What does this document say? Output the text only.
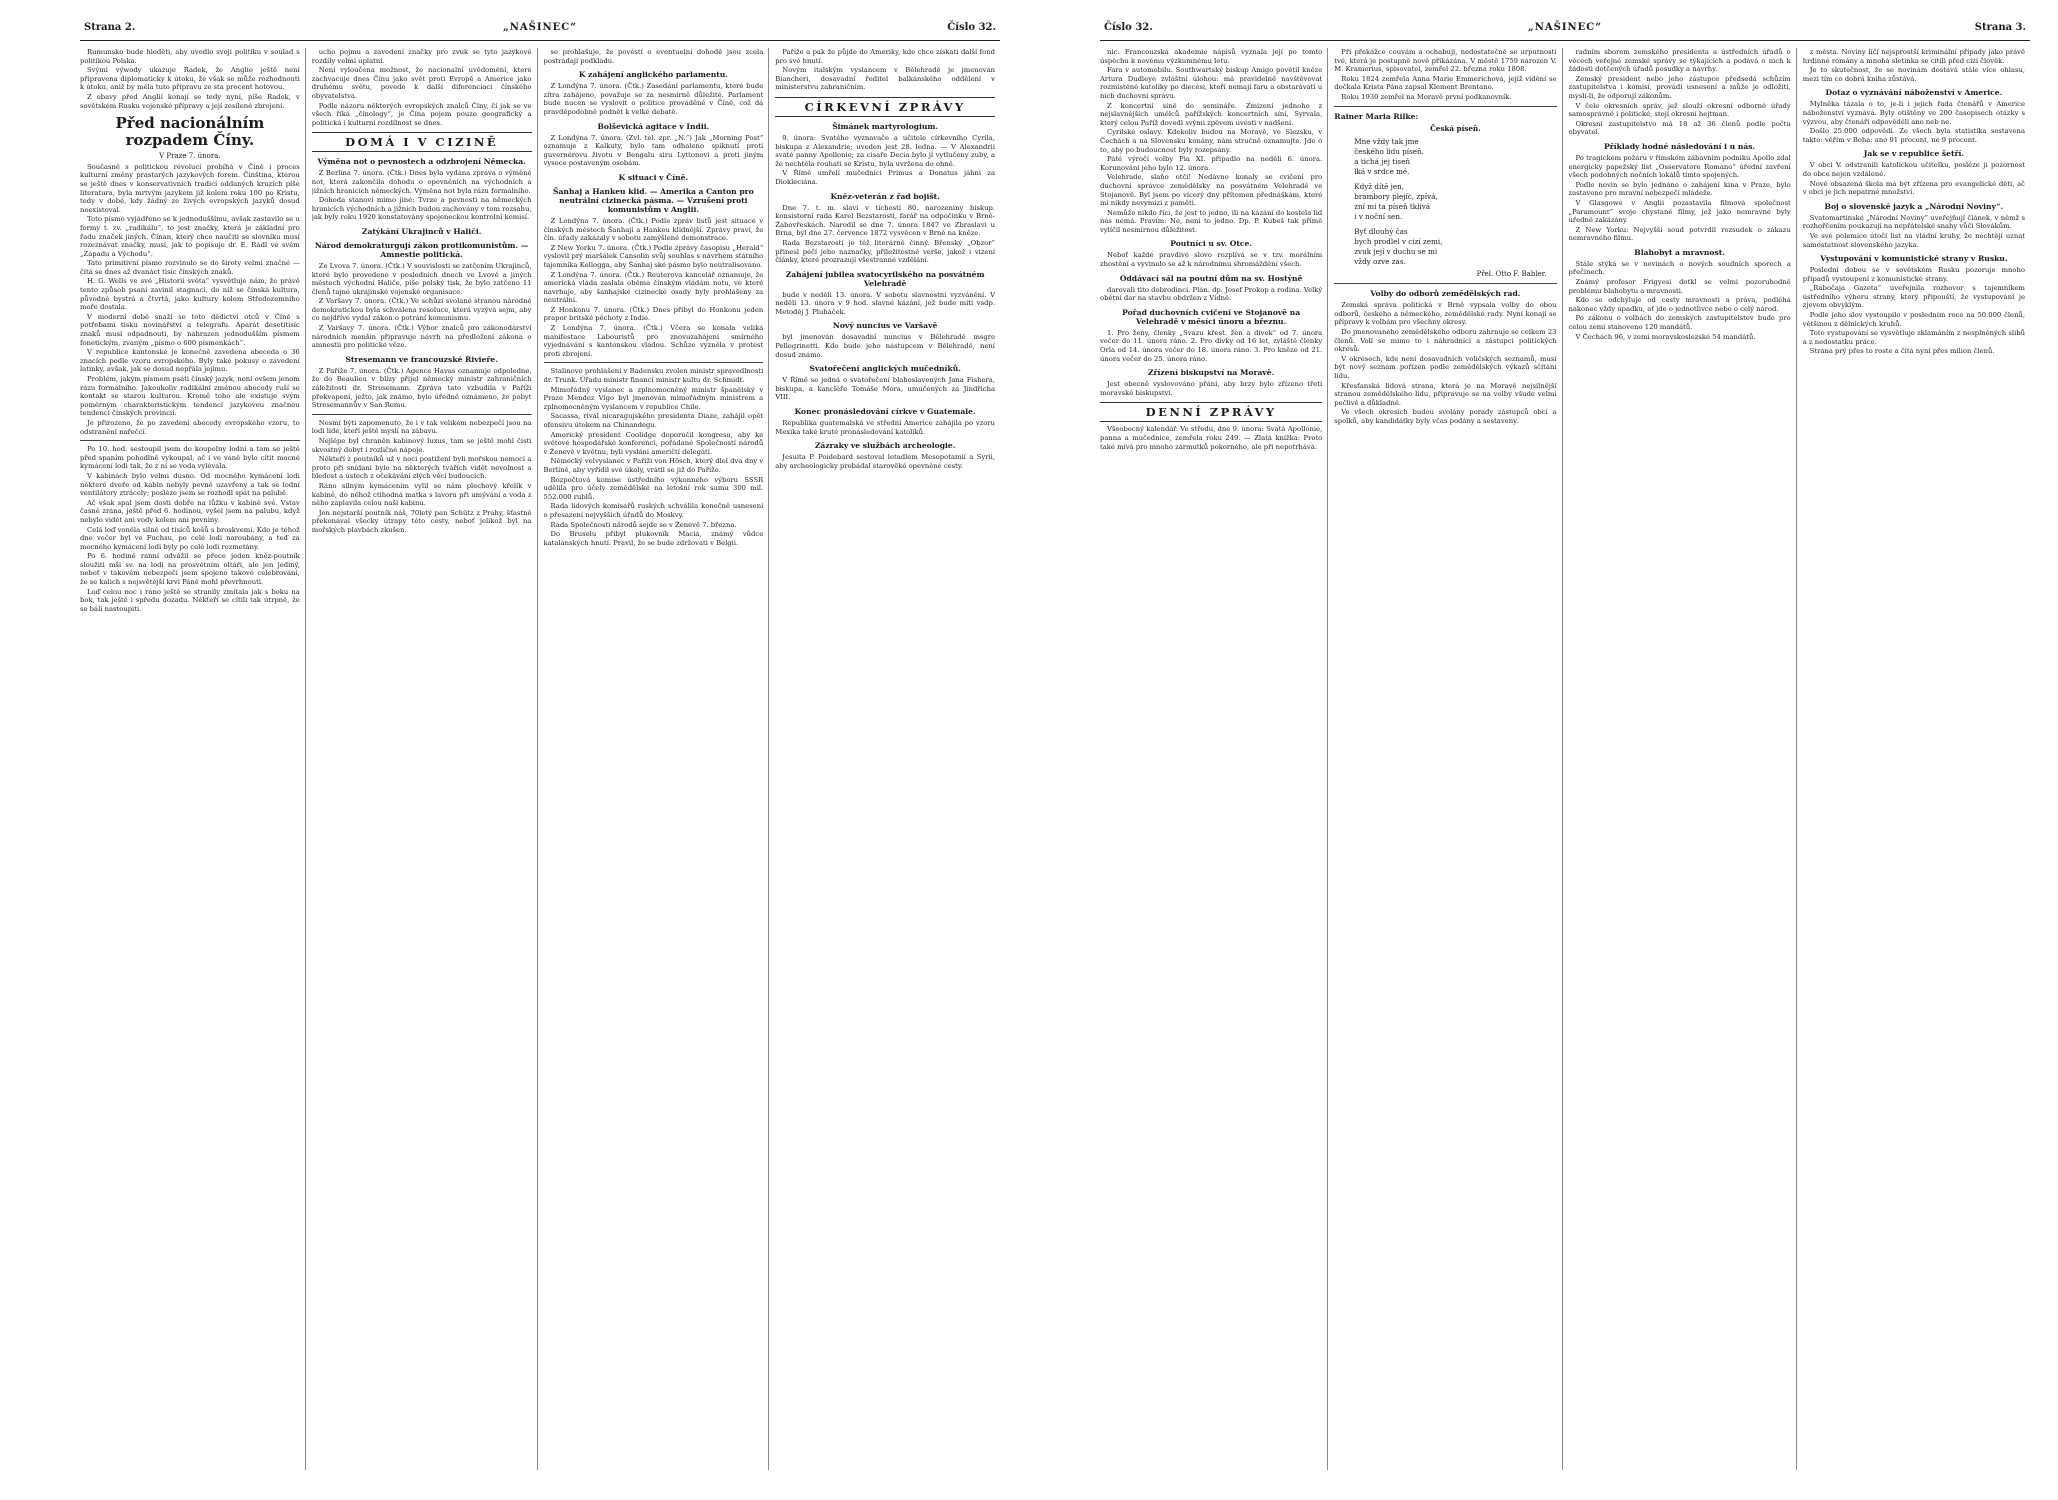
Strana 2.	„NAŠINEC“	Číslo 32.

Rumunsko bude hleděti, aby uvedlo svoji politiku v soulad s politikou Polska.

Svými výwody ukazuje Radek, že Anglie ještě není připravena diplomaticky k útoku, že však se může rozhodnouti k útoku, aniž by měla tuto přípravu ze sta procent hotovou.

Z obavy před Anglií konají se tedy nyní, píše Radek, v sovětském Rusku vojenské přípravy a její zesílené zbrojení.

Před nacionálním rozpadem Číny.
V Praze 7. února.

Současně s politickou revolucí probíhá v Číně i proces kulturní změny prastarých jazykových forem. Čínština, kterou se ještě dnes v konservativních tradicí oddaných kruzích píše literatura, byla mrtvým jazykem již kolem roku 100 po Kristu, tedy v době, kdy žádný ze živých evropských jazyků dosud neexistoval.

Toto písmo vyjádřeno se k jednoduššímu, avšak zastavilo se u formy t. zv. „radikálu“, to jest značky, která je základní pro řadu značek jiných. Čínan, který chce naučiti se slovníku musí rozeznávat značky, musí, jak to popisuje dr. E. Rádl ve svém „Západu a Východu“.

Tato primitivní písmo rozvinulo se do široty velmi značné — čítá se dnes až dvanáct tisíc čínských znaků.

H. G. Wells ve své „Historii světa“ vysvětluje nám, že právě tento způsob psaní zavinil stagnaci, do níž se čínská kultura, původně bystrá a čtvrtá, jako kultury kolem Středozemního moře dostala.

V moderní době snaží se toto dědictví otců v Číně s potřebami tisku novinářství a telegrafu. Aparát desetitisíc znaků musí odpadnouti, by nahrazen jednodušším písmem fonetickým, zvaným „písmo o 600 písmenkách“.

V republice kantonské je konečně zavedena abeceda o 36 znacích podle vzoru evropského. Byly také pokusy o zavedení latinky, avšak, jak se dosud nepřála jejímu.

Problém, jakým písmem psáti čínský jazyk, není ovšem jenom rázu formálního. Jakoukoliv radikální změnou abecedy ruší se kontakt se starou kulturou. Kromě toho ale existuje svým poměrným charakteristickým tendencí jazykovou značnou tendenci čínských provincií.

Je přirozeno, že po zavedení abecedy evropského vzoru, to odstranění nařečcí.

Po 10. hod. sestoupil jsem do koupelny lodní a tam se ještě před spaním pohodlně vykoupal, ač i ve vaně bylo cítit mocné kymácení lodi tak, že z ní se voda vylévala.

V kabinách bylo velmi dusno. Od mocného kymácení lodi některé dveře od kabin nebyly pevně uzavřeny a tak se lodní ventilátory ztrácely; posléze jsem se rozhodl spát na palubě.

Ač však spal jsem dosti dobře na lůžku v kabině své. Vstav časně zrána, ještě před 6. hodinou, vyšel jsem na palubu, když nebylo vidět ani vody kolem ani pevniny.

Celá loď voněla silně od tisíců košů s broskvemi. Kdo je téhož dne večer byl ve Fuchsu, po celé lodi naroubány, a teď za mocného kymácení lodi byly po celé lodi rozmetány.

Po 6. hodině ranní odvážil se přece jeden kněz-poutník sloužiti mši sv. na lodi na prosvětním oltáři, ale jen jediný, neboť v takovém nebezpečí jsem spojeno takové celebrování, že se kalich s nejsvětější krví Páně mohl převrhnouti.

Loď celou noc i ráno ještě se stranily zmítala jak s boku na bok, tak ještě i spředu dozadu. Někteří se cítili tak útrpně, že se báli nastoupiti.

ucho pojmu a zavedení značky pro zvuk se tyto jazykové rozdíly velmi uplatní.

Není vyloučena možnost, že nacionalní uvědomění, které zachvacuje dnes Čínu jako svět proti Evropě a Americe jako druhému světu, povede k další diferenciaci čínského obyvatelstva.

Podle názoru některých evropských znalců Číny, čí jak se ve všech říká „čínology“, je Čína pojem pouze geografický a politická i kulturní rozdílnost se dnes.

DOMÁ I V CIZINĚ
Výměna not o pevnostech a odzbrojení Německa.

Z Berlína 7. února. (Čtk.) Dnes byla vydána zpráva o výměně not, která zakončila dohodu o opevněních na východních a jižních hranicích německých. Výměna not byla rázu formálního.

Dohoda stanoví mimo jiné: Tvrze a pevnosti na německých hranicích východních a jižních budou zachovány v tom rozsahu, jak byly roku 1920 konstatovány spojeneckou kontrolní komisí.

Zatýkání Ukrajinců v Haliči.
Národ demokraturgují zákon protikomunistům. — Amnestie politická.

Ze Lvova 7. února. (Čtk.) V souvislosti se zatčením Ukrajinců, které bylo provedeno v posledních dnech ve Lvově a jiných městech východní Haliče, píše polský tisk, že bylo zatčeno 11 členů tajné ukrajinské vojenské organisace.

Z Varšavy 7. února. (Čtk.) Ve schůzi svolané stranou národně demokratickou byla schválena resoluce, která vyzývá sejm, aby co nejdříve vydal zákon o potrání komunismu.

Z Varšavy 7. února. (Čtk.) Výbor znalců pro zákonodárství národních menšin připravuje návrh na předložení zákona o amnestii pro politické věze.

Stresemann ve francouzské Rivieře.

Z Paříže 7. února. (Čtk.) Agence Havas oznamuje odpoledne, že do Beaulieu v blízy přijel německý ministr zahraničních záležitostí dr. Stresemann. Zpráva tato vzbudila v Paříži překvapení, ježto, jak známo, bylo úředně oznámeno, že pobyt Stresemannův v San Remu.

Nesmí býti zapomenuto, že i v tak velikém nebezpečí jsou na lodi lidé, kteří ještě myslí na zábavu.

Nejlépe byl chraněn kabinový luxus, tam se ještě mohl čísti skvostný dobyt i rozličné nápoje.

Někteří z poutníků už v noci postižení byli mořskou nemocí a proto při snídani bylo na některých tvářích vidět nevolnost a bledost a ústech z očekávání zlých věcí budoucích.

Ráno silným kymácením vylil se nám plechový křelík v kabině, do něhož ctihodná matka s lavoru při umývání a voda z něho zaplavila celou naši kabinu.

Jen nejstarší poutník náš, 70letý pan Schütz z Prahy, šťastně překonával všecky útrapy této cesty, neboť jelikož byl na mořských plavbách zkušen.

se prohlašuje, že povéstí o eventuelní dohodě jsou zcela postrádají podkladu.

K zahájení anglického parlamentu.

Z Londýna 7. února. (Čtk.) Zasedání parlamentu, které bude zítra zahájeno, považuje se za nesmírně důležité. Parlament bude nucen se vyslovit o politice prováděné v Číně, což dá pravděpodobně podnět k velké debatě.

Bolševická agitace v Indii.

Z Londýna 7. února. (Zvl. tel. zpr. „N.“) Jak „Morning Post“ oznamuje z Kalkuty, bylo tam odhaleno spiknutí proti guvernérovu životu v Bengalu siru Lyttonovi a proti jiným vysoce postaveným osobám.

K situaci v Číně.
Šanhaj a Hankeu klid. — Amerika a Canton pro neutrální cizinecká pásma. — Vzrušení proti komunistům v Anglii.

Z Londýna 7. února. (Čtk.) Podle zpráv listů jest situace v čínských městech Šanhaji a Hankeu klidnější. Zprávy praví, že čín. úřady zakázaly v sobotu zamýšlené demonstrace.

Z New Yorku 7. února. (Čtk.) Podle zprávy časopisu „Herald“ vyslovil prý maršálek Cansolin svůj souhlas s návrhem státního tajemníka Kellogga, aby Šanhaj ské pásmo bylo neutralisováno.

Z Londýna 7. února. (Čtk.) Reuterova kancelář oznamuje, že americká vláda zaslala oběma čínským vládám notu, ve které navrhuje, aby šanhajské cizinecké osady byly prohlášeny za neutrální.

Z Honkonu 7. února. (Čtk.) Dnes přibyl do Honkonu jeden prapor britské pěchoty z Indie.

Z Londýna 7. února. (Čtk.) Včera se konala veliká manifestace Labouristů pro znovuzahájení smírného vyjednávání s kantonskou vládou. Schůze vyzněla v protest proti zbrojení.

Stalinovo prohlášení v Badensku zvolen ministr spravedlnosti dr. Trunk. Úřadu ministr financí ministr kultu dr. Schmidt.

Mimořádný vyslanec a zplnomocněný ministr španělský v Praze Mendez Vigo byl jmenován mimořádným ministrem a zplnomocněným vyslancem v republice Chile.

Sacassa, rivál nicaragujského presidenta Diaze, zahájil opět ofensivu útokem na Chinandegu.

Americký president Coolidge doporučil kongresu, aby ke světové hospodářské konferenci, pořádané Společností národů v Ženevě v květnu, byli vysláni američtí delegáti.

Německý velvyslanec v Paříži von Hösch, který dlel dva dny v Berlíně, aby vyřídil své úkoly, vrátil se již do Paříže.

Rozpočtová komise ústředního výkonného výboru SSSR udělila pro účely zemědělské na letošní rok sumu 300 mil. 552.000 rublů.

Rada lidových komisařů ruských schválila konečně usnesení o přesazení nejvyšších úřadů do Moskvy.

Rada Společnosti národů sejde se v Ženevě 7. března.

Do Bruselu přibyl plukovník Maciá, známý vůdce katalánských hnutí. Pravil, že se bude zdržovati v Belgii.

Paříže a pak že půjde do Ameriky, kde chce získati další fond pro své hnutí.

Novým italským vyslancem v Bělehradě je jmenován Biancheri, dosavadní ředitel balkánského oddělení v ministerstvu zahraničním.

CÍRKEVNÍ ZPRÁVY
Šimánek martyrologium.

9. února: Svatého vyznavače a učitele církevního Cyrila, biskupa z Alexandrie; uveden jest 28. ledna. — V Alexandrii svaté panny Apollonie; za císaře Decia bylo jí vytlučeny zuby, a že nechtěla rouhati se Kristu, byla uvržena do ohně.

V Římě umřelí mučedníci Primus a Donatus jáhni za Diokleciána.

Kněz-veterán z řad bojišt.

Dne 7. t. m. slaví v tichosti 80. narozeniny biskup. konsistorní rada Karel Bezstarosti, farář na odpočinku v Brně-Žabovřeskách. Narodil se dne 7. února 1847 ve Zbraslavi u Brna, byl dne 27. července 1872 vysvěcen v Brně na kněze.

Rada Bezstarostí je též literárně činný. Břenský „Obzor“ přinesl péčí jeho naznačky, příležitostné verše, jakož i vizení články, které prozrazují všestranné vzdělání.

Zahájení jubilea svatocyrilského na posvátném Velehradě

bude v neděli 13. února. V sobotu slavnostní vyzvánění. V neděli 13. února v 9 hod. slavné kázání, jež bude míti vsdp. Metoděj J. Pluháček.

Nový nuncius ve Varšavě

byl jmenován dosavadní nuncius v Bělehradě msgre Pellegrinetti. Kdo bude jeho nástupcem v Bělehradě, není dosud známo.

Svatořečení anglických mučedníků.

V Římě se jedná o svatořečení blahoslavených Jana Fishera, biskupa, a kancléře Tomáše Mora, umučených za Jindřicha VIII.

Konec pronásledování církve v Guatemale.

Republika guatemalská ve střední Americe zahájila po vzoru Mexika také kruté pronásledování katolíků.

Zázraky ve službách archeologie.

Jesuita P. Poidebard sestoval letadlem Mesopotamií a Syrii, aby archeologicky probádal starověké opevněné cesty.

Číslo 32.	„NAŠINEC“	Strana 3.

nic. Francouzská akademie nápisů vyznala její po tomto úspěchu k novému výzkumnému letu.

Fara v automobilu. Southwartský biskup Amigo povětil kněze Artura Dudleye zvláštní úlohou: má pravidelně navštěvovat rozmístěné katolíky po diecési, kteří nemají faru a obstarávati u nich duchovní správu.

Z koncertní síně do semináře. Zmizení jednoho z nejslavnějších umělců pařížských koncertních síní, Syrvala, který celou Paříž dovedl svými zpěvem uvésti v nadšení.

Cyrilské oslavy. Kdekoliv budou na Moravě, ve Slezsku, v Čechách a na Slovensku konány, nám stručně oznamujte. Jde o to, aby po budoucnost byly rozepsány.

Páté výročí volby Pia XI. připadlo na neděli 6. února. Korunování jeho bylo 12. února.

Velehrade, slaňo otčí! Nedávno konaly se cvičení pro duchovní správce zemědělsky na posvátném Velehradě ve Stojanově. Byl jsem po vícerý dny přítomen přednáškám, které mi nikdy nevymizí z paměti.

Nemůže nikdo říci, že jest to jedno, ili na kázání do kostela lid nás nemá. Pravím: Ne, není to jedno. Dp. P. Kubeš tak přímě vylíčil nesmírnou důležitost.

Poutníci u sv. Otce.

Neboť každé pravdivé slovo rozplívá se v tzv. morálním zhostění a vyvinulo se až k národnímu shromáždění všech.

Oddávací sál na poutní dům na sv. Hostýně

darovali tito dobrodinci. Plán. dp. Josef Prokop a rodina. Velký obětní dar na stavbu obdržen z Vídně.

Pořad duchovních cvičení ve Stojanově na Velehradě v měsíci únoru a březnu.

1. Pro ženy, členky „Svazu křest. žen a dívek“ od 7. února večer do 11. února ráno. 2. Pro dívky od 16 let, zvláště členky Orla od 14. února večer do 18. února ráno. 3. Pro kněze od 21. února večer do 25. února ráno.

Zřízení biskupství na Moravě.

Jest obecně vyslovováno přání, aby brzy bylo zřízeno třetí moravské biskupství.

DENNÍ ZPRÁVY

Všeobecný kalendář. Ve středu, dne 9. února: Svatá Apollonie, panna a mučednice, zemřela roku 249. — Zlatá knížka: Proto také mívá pro mnoho zármutků pokorného, ale při nepotrhává.

Při překážce couvám a ochabuji, nedostatečně se urputnosti tvé, která je postupně nově přikázána. V městě 1759 narozen V. M. Kramerius, spisovatel, zemřel 22. března roku 1808.

Roku 1824 zemřela Anna Marie Emmerichová, jejíž vidění se dočkala Krista Pána zapsal Klement Brentano.

Roku 1930 zemřel na Moravě první podkanovník.

Rainer Maria Rilke:
Česká píseň.
Mne vždy tak jme
českého lidu píseň,
a tichá jej tíseň
lká v srdce mé.
Když dítě jen,
brambory plejíc, zpívá,
zní mi ta píseň tklivá
i v noční sen.
Byť dlouhý čas
bych prodlel v cizí zemi,
zvuk její v duchu se mi
vždy ozve zas.
Přel. Otto F. Babler.
Volby do odborů zemědělských rad.

Zemská správa politická v Brně vypsala volby do obou odborů, českého a německého, zemědělské rady. Nyní konají se přípravy k volbám pro všechny okresy.

Do jmenovaného zemědělského odboru zahrnuje se celkem 23 členů. Volí se mimo to i náhradníci a zástupci politických okresů.

V okresech, kde není dosavadních voličských seznamů, musí být nový seznam pořízen podle zemědělských výkazů sčítání lidu.

Křesťanská lidová strana, která je na Moravě nejsilnější stranou zemědělského lidu, připravuje se na volby všude velmi pečlivě a důkladně.

Ve všech okresích budou svolány porady zástupců obcí a spolků, aby kandidátky byly včas podány a sestaveny.

radním sborem zemského presidenta a ústředních úřadů o věcech veřejné zemské správy se týkajících a podává o nich k žádosti dotčených úřadů posudky a návrhy.

Zemský president nebo jeho zástupce předsedá schůzím zastupitelstva i komisí, provádí usnesení a může je odložiti, myslí-li, že odporují zákonům.

V čele okresních správ, jež slouží okresní odborné úřady samosprávné i politické, stojí okresní hejtman.

Okresní zastupitelstvo má 18 až 36 členů podle počtu obyvatel.

Příklady hodné následování i u nás.

Po tragickém požáru v římském zábavním podniku Apollo zdal energicky papežský list „Osservatore Romano“ úřední zavření všech podobných nočních lokálů tímto spojených.

Podle novin se bylo jednáno o zahájení kina v Praze, bylo zastaveno pro mravní nebezpečí mládeže.

V Glasgowe v Anglii pozastavila filmová společnost „Paramount“ svoje chystané filmy, jež jako nemravné byly úředně zakázány.

Z New Yorku: Nejvyšší soud potvrdil rozsudek o zákazu nemravného filmu.

Blahobyt a mravnost.

Stále stýká se v novinách o nových soudních sporech a přečinech.

Známý profesor Frigyesi dotkl se velmi pozoruhodně problému blahobytu a mravnosti.

Kdo se odchyluje od cesty mravnosti a práva, podléhá nakonec vždy úpadku, ať jde o jednotlivce nebo o celý národ.

Po zákonu o volbách do zemských zastupitelstev bude pro celou zemi stanoveno 120 mandátů.

V Čechách 96, v zemi moravskoslezské 54 mandátů.

z města. Noviny líčí nejsprostší kriminální případy jako právě hrdinné romány a mnohá sletinka se cítili před cizí člověk.

Je to skutečnost, že se novinám dostává stále více ohlasu, mezi tím co dobrá kniha zůstává.

Dotaz o vyznávání náboženství v Americe.

Mylněka tázala o to, je-li i jejich řada čtenářů v Americe náboženství vyznává. Byly otištěny ve 200 časopisech otázky s výzvou, aby čtenáři odpověděli ano neb ne.

Došlo 25.000 odpovědí. Ze všech byla statistika sestavena takto: věřím v Boha: ano 91 procent, ne 9 procent.

Jak se v republice šetří.

V obci V. odstranili katolickou učitelku, posléze ji pozornost do obce nejen vzdálené.

Nově obsazená škola má být zřízena pro evangelické děti, ač v obci je jich nepatrné množství.

Boj o slovenské jazyk a „Národní Noviny“.

Svatomartinské „Národní Noviny“ uveřejňují článek, v němž s rozhořčením poukazují na nepřátelské snahy vůči Slovákům.

Ve své polemice útočí list na vládní kruhy, že nechtějí uznat samostatnost slovenského jazyka.

Vystupování v komunistické strany v Rusku.

Poslední dobou se v sovětském Rusku pozoruje mnoho případů vystoupení z komunistické strany.

„Rabočaja Gazeta“ uveřejnila rozhovor s tajemníkem ústředního výboru strany, který připouští, že vystupování je zjevem obvyklým.

Podle jeho slov vystoupilo v posledním roce na 50.000 členů, většinou z dělnických kruhů.

Toto vystupování se vysvětluje zklamáním z nesplněných slibů a z nedostatku práce.

Strana prý přes to roste a čítá nyní přes milion členů.
